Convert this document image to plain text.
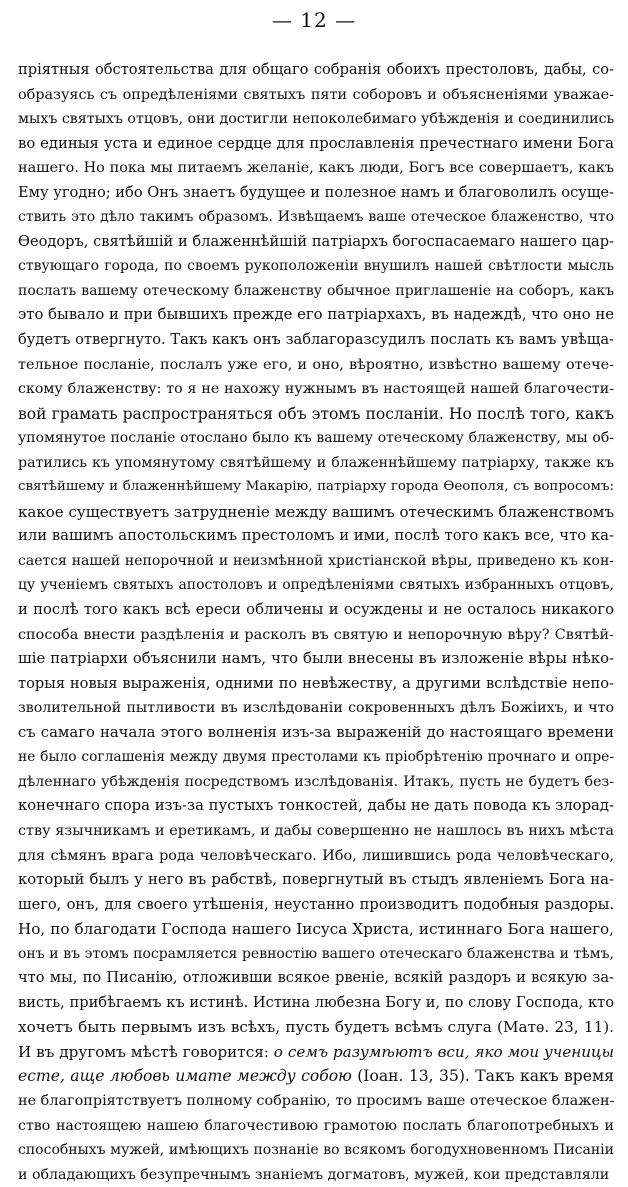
— 12 —
пріятныя обстоятельства для общаго собранія обоихъ престоловъ, дабы, со-
образуясь съ опредѣленіями святыхъ пяти соборовъ и объясненіями уважае-
мыхъ святыхъ отцовъ, они достигли непоколебимаго убѣжденія и соединились
во единыя уста и единое сердце для прославленія пречестнаго имени Бога
нашего. Но пока мы питаемъ желаніе, какъ люди, Богъ все совершаетъ, какъ
Ему угодно; ибо Онъ знаетъ будущее и полезное намъ и благоволилъ осуще-
ствить это дѣло такимъ образомъ. Извѣщаемъ ваше отеческое блаженство, что
Ѳеодоръ, святѣйшій и блаженнѣйшій патріархъ богоспасаемаго нашего цар-
ствующаго города, по своемъ рукоположеніи внушилъ нашей свѣтлости мысль
послать вашему отеческому блаженству обычное приглашеніе на соборъ, какъ
это бывало и при бывшихъ прежде его патріархахъ, въ надеждѣ, что оно не
будетъ отвергнуто. Такъ какъ онъ заблагоразсудилъ послать къ вамъ увѣща-
тельное посланіе, послалъ уже его, и оно, вѣроятно, извѣстно вашему отече-
скому блаженству: то я не нахожу нужнымъ въ настоящей нашей благочести-
вой грамать распространяться объ этомъ посланіи. Но послѣ того, какъ
упомянутое посланіе отослано было къ вашему отеческому блаженству, мы об-
ратились къ упомянутому святѣйшему и блаженнѣйшему патріарху, также къ
святѣйшему и блаженнѣйшему Макарію, патріарху города Ѳеополя, съ вопросомъ:
какое существуетъ затрудненіе между вашимъ отеческимъ блаженствомъ
или вашимъ апостольскимъ престоломъ и ими, послѣ того какъ все, что ка-
сается нашей непорочной и неизмѣнной христіанской вѣры, приведено къ кон-
цу ученіемъ святыхъ апостоловъ и опредѣленіями святыхъ избранныхъ отцовъ,
и послѣ того какъ всѣ ереси обличены и осуждены и не осталось никакого
способа внести раздѣленія и расколъ въ святую и непорочную вѣру? Святѣй-
шіе патріархи объяснили намъ, что были внесены въ изложеніе вѣры нѣко-
торыя новыя выраженія, одними по невѣжеству, а другими вслѣдствіе непо-
зволительной пытливости въ изслѣдованіи сокровенныхъ дѣлъ Божіихъ, и что
съ самаго начала этого волненія изъ-за выраженій до настоящаго времени
не было соглашенія между двумя престолами къ пріобрѣтенію прочнаго и опре-
дѣленнаго убѣжденія посредствомъ изслѣдованія. Итакъ, пусть не будетъ без-
конечнаго спора изъ-за пустыхъ тонкостей, дабы не дать повода къ злорад-
ству язычникамъ и еретикамъ, и дабы совершенно не нашлось въ нихъ мѣста
для сѣмянъ врага рода человѣческаго. Ибо, лишившись рода человѣческаго,
который былъ у него въ рабствѣ, повергнутый въ стыдъ явленіемъ Бога на-
шего, онъ, для своего утѣшенія, неустанно производитъ подобныя раздоры.
Но, по благодати Господа нашего Іисуса Христа, истиннаго Бога нашего,
онъ и въ этомъ посрамляется ревностію вашего отеческаго блаженства и тѣмъ,
что мы, по Писанію, отложивши всякое рвеніе, всякій раздоръ и всякую за-
висть, прибѣгаемъ къ истинѣ. Истина любезна Богу и, по слову Господа, кто
хочетъ быть первымъ изъ всѣхъ, пусть будетъ всѣмъ слуга (Матѳ. 23, 11).
И въ другомъ мѣстѣ говорится: о семъ разумѣютъ вси, яко мои ученицы
есте, аще любовь имате между собою (Іоан. 13, 35). Такъ какъ время
не благопріятствуетъ полному собранію, то просимъ ваше отеческое блажен-
ство настоящею нашею благочестивою грамотою послать благопотребныхъ и
способныхъ мужей, имѣющихъ познаніе во всякомъ богодухновенномъ Писаніи
и обладающихъ безупречнымъ знаніемъ догматовъ, мужей, кои представляли
